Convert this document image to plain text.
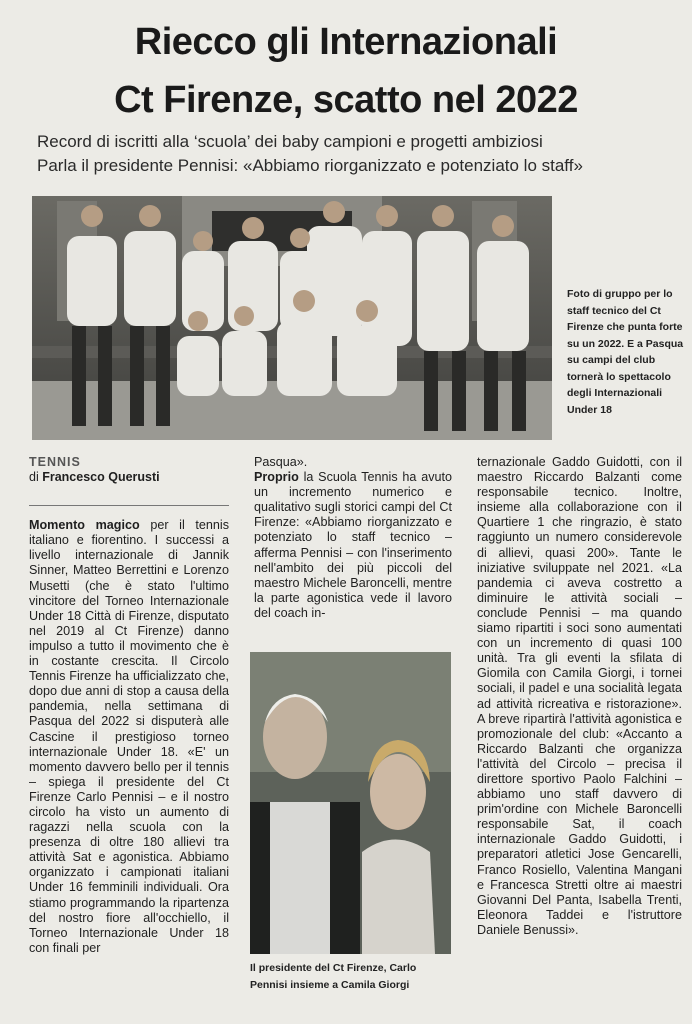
Riecco gli Internazionali
Ct Firenze, scatto nel 2022

Record di iscritti alla ‘scuola’ dei baby campioni e progetti ambiziosi

Parla il presidente Pennisi: «Abbiamo riorganizzato e potenziato lo staff»

Foto di gruppo per lo staff tecnico del Ct Firenze che punta forte su un 2022. E a Pasqua su campi del club tornerà lo spettacolo degli Internazionali Under 18

TENNIS

di Francesco Querusti

Momento magico per il tennis italiano e fiorentino. I successi a livello internazionale di Jannik Sinner, Matteo Berrettini e Lorenzo Musetti (che è stato l'ultimo vincitore del Torneo Internazionale Under 18 Città di Firenze, disputato nel 2019 al Ct Firenze) danno impulso a tutto il movimento che è in costante crescita. Il Circolo Tennis Firenze ha ufficializzato che, dopo due anni di stop a causa della pandemia, nella settimana di Pasqua del 2022 si disputerà alle Cascine il prestigioso torneo internazionale Under 18. «E' un momento davvero bello per il tennis – spiega il presidente del Ct Firenze Carlo Pennisi – e il nostro circolo ha visto un aumento di ragazzi nella scuola con la presenza di oltre 180 allievi tra attività Sat e agonistica. Abbiamo organizzato i campionati italiani Under 16 femminili individuali. Ora stiamo programmando la ripartenza del nostro fiore all'occhiello, il Torneo Internazionale Under 18 con finali per

Pasqua».

Proprio la Scuola Tennis ha avuto un incremento numerico e qualitativo sugli storici campi del Ct Firenze: «Abbiamo riorganizzato e potenziato lo staff tecnico – afferma Pennisi – con l'inserimento nell'ambito dei più piccoli del maestro Michele Baroncelli, mentre la parte agonistica vede il lavoro del coach in-

Il presidente del Ct Firenze, Carlo Pennisi insieme a Camila Giorgi

ternazionale Gaddo Guidotti, con il maestro Riccardo Balzanti come responsabile tecnico. Inoltre, insieme alla collaborazione con il Quartiere 1 che ringrazio, è stato raggiunto un numero considerevole di allievi, quasi 200». Tante le iniziative sviluppate nel 2021. «La pandemia ci aveva costretto a diminuire le attività sociali – conclude Pennisi – ma quando siamo ripartiti i soci sono aumentati con un incremento di quasi 100 unità. Tra gli eventi la sfilata di Giomila con Camila Giorgi, i tornei sociali, il padel e una socialità legata ad attività ricreativa e ristorazione». A breve ripartirà l'attività agonistica e promozionale del club: «Accanto a Riccardo Balzanti che organizza l'attività del Circolo – precisa il direttore sportivo Paolo Falchini – abbiamo uno staff davvero di prim'ordine con Michele Baroncelli responsabile Sat, il coach internazionale Gaddo Guidotti, i preparatori atletici Jose Gencarelli, Franco Rosiello, Valentina Mangani e Francesca Stretti oltre ai maestri Giovanni Del Panta, Isabella Trenti, Eleonora Taddei e l'istruttore Daniele Benussi».
